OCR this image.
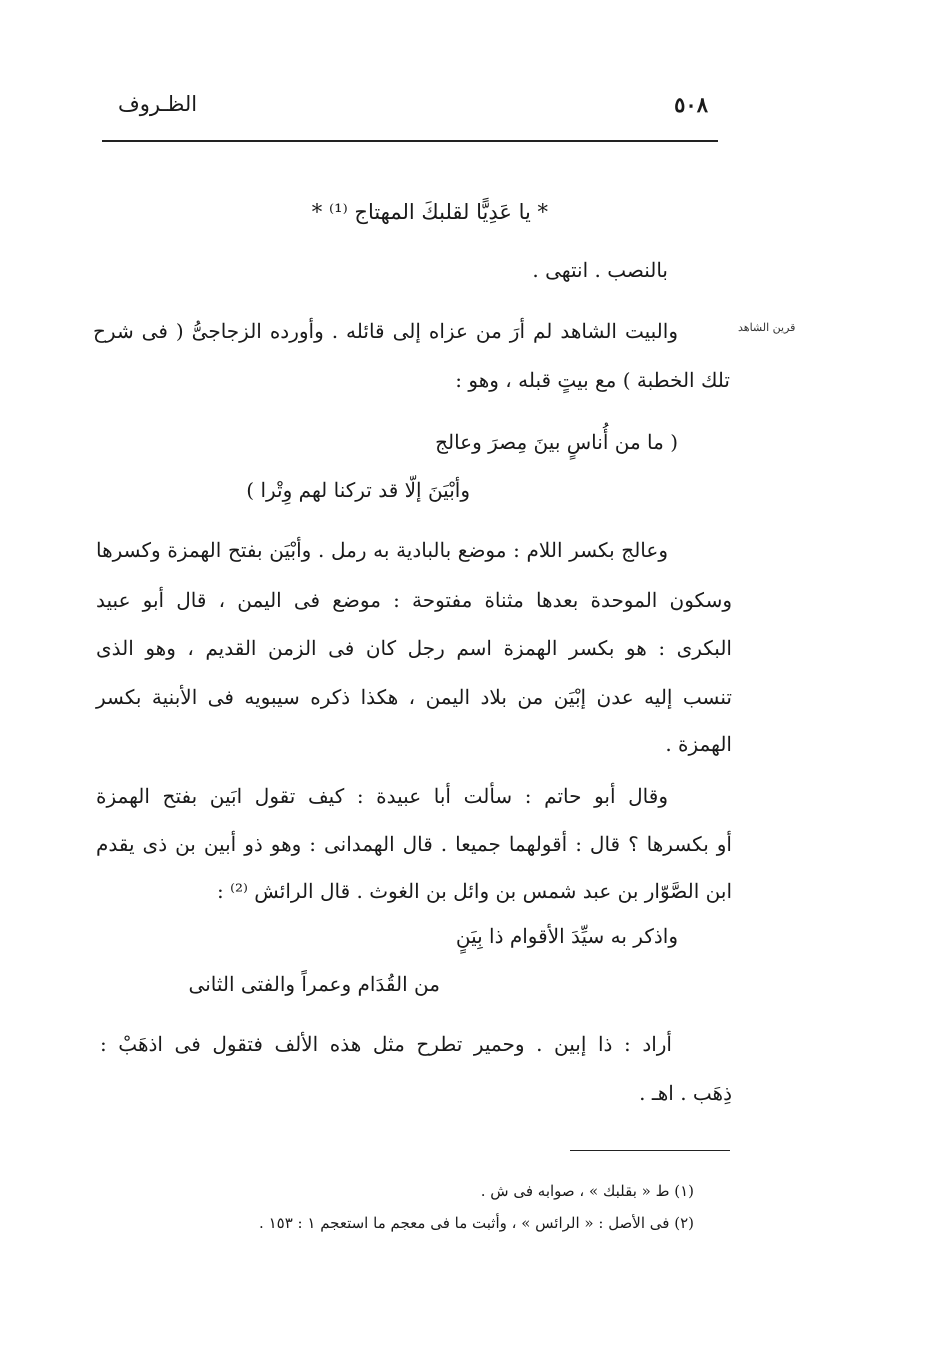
٥٠٨
الظـروف
* يا عَدِيًّا لقلبكَ المهتاج ⁽¹⁾ *
بالنصب . انتهى .
قرين الشاهد
والبيت الشاهد لم أرَ من عزاه إلى قائله . وأورده الزجاجىُّ ( فى شرح
تلك الخطبة ) مع بيتٍ قبله ، وهو :
( ما من أُناسٍ بينَ مِصرَ وعالج
وأبْيَنَ إلّا قد تركنا لهم وِتْرا )
وعالج بكسر اللام : موضع بالبادية به رمل . وأبْيَن بفتح الهمزة وكسرها
وسكون الموحدة بعدها مثناة مفتوحة : موضع فى اليمن ، قال أبو عبيد
البكرى : هو بكسر الهمزة اسم رجل كان فى الزمن القديم ، وهو الذى
تنسب إليه عدن إبْيَن من بلاد اليمن ، هكذا ذكره سيبويه فى الأبنية بكسر
الهمزة .
وقال أبو حاتم : سألت أبا عبيدة : كيف تقول ابَين بفتح الهمزة
أو بكسرها ؟ قال : أقولهما جميعا . قال الهمدانى : وهو ذو أبين بن ذى يقدم
ابن الصَّوّار بن عبد شمس بن وائل بن الغوث . قال الرائش ⁽²⁾ :
واذكر به سيِّدَ الأقوام ذا بِيَنٍ
من القُدَام وعمراً والفتى الثانى
أراد : ذا إبين . وحمير تطرح مثل هذه الألف فتقول فى اذهَبْ :
ذِهَب . اهـ .
(١) ط « بقلبك » ، صوابه فى ش .
(٢) فى الأصل : « الرائس » ، وأثبت ما فى معجم ما استعجم ١ : ١٥٣ .
